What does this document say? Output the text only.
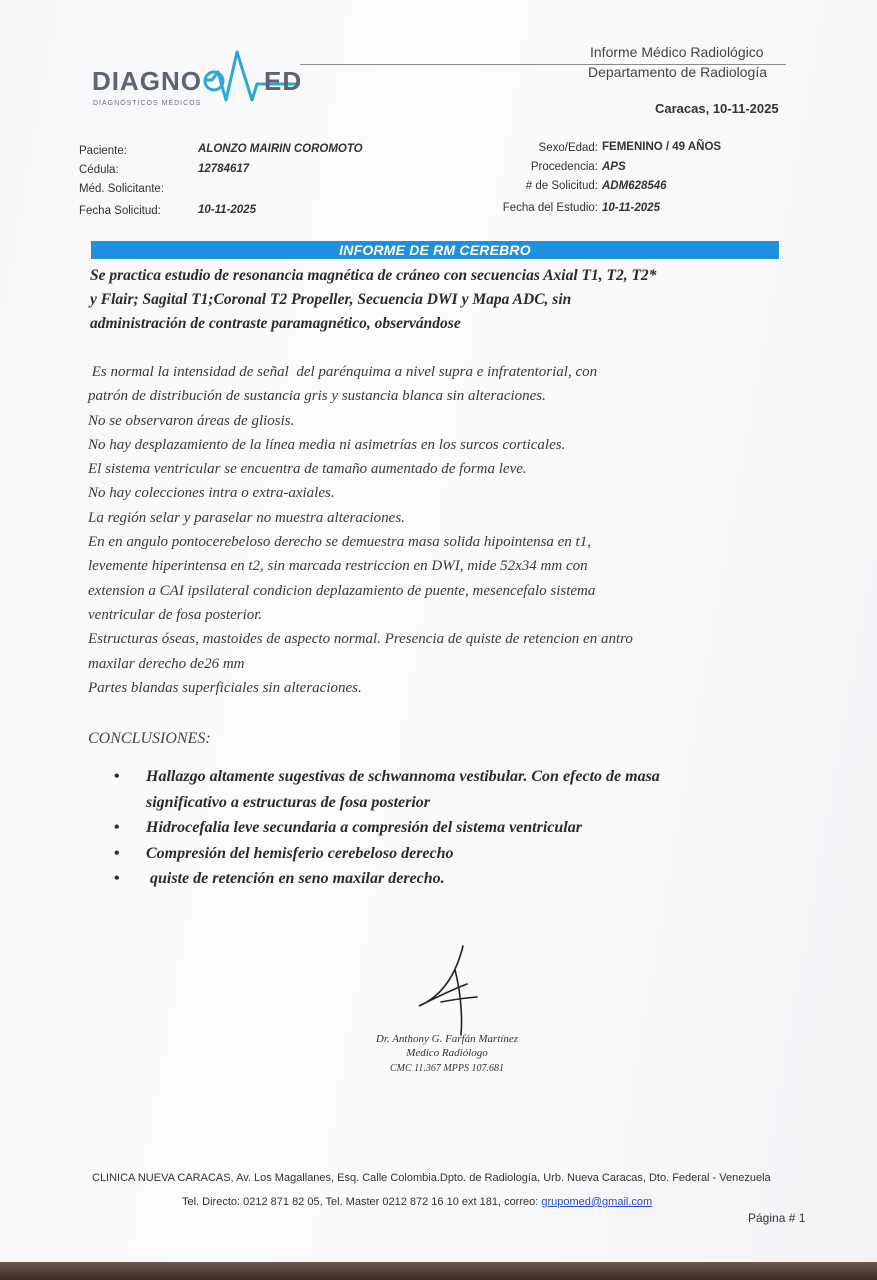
DIAGNO ED
DIAGNÓSTICOS MÉDICOS
Informe Médico Radiológico
Departamento de Radiología
Caracas, 10-11-2025
Paciente:	ALONZO MAIRIN COROMOTO
Cédula:	12784617
Méd. Solicitante:
Fecha Solicitud:	10-11-2025
Sexo/Edad: FEMENINO / 49 AÑOS
Procedencia: APS
# de Solicitud: ADM628546
Fecha del Estudio: 10-11-2025
INFORME DE RM CEREBRO
Se practica estudio de resonancia magnética de cráneo con secuencias Axial T1, T2, T2*
y Flair; Sagital T1;Coronal T2 Propeller, Secuencia DWI y Mapa ADC, sin
administración de contraste paramagnético, observándose

Es normal la intensidad de señal  del parénquima a nivel supra e infratentorial, con

patrón de distribución de sustancia gris y sustancia blanca sin alteraciones.

No se observaron áreas de gliosis.

No hay desplazamiento de la línea media ni asimetrías en los surcos corticales.

El sistema ventricular se encuentra de tamaño aumentado de forma leve.

No hay colecciones intra o extra-axiales.

La región selar y paraselar no muestra alteraciones.

En en angulo pontocerebeloso derecho se demuestra masa solida hipointensa en t1,

levemente hiperintensa en t2, sin marcada restriccion en DWI, mide 52x34 mm con

extension a CAI ipsilateral condicion deplazamiento de puente, mesencefalo sistema

ventricular de fosa posterior.

Estructuras óseas, mastoides de aspecto normal. Presencia de quiste de retencion en antro

maxilar derecho de26 mm

Partes blandas superficiales sin alteraciones.

CONCLUSIONES:
• Hallazgo altamente sugestivas de schwannoma vestibular. Con efecto de masa
significativo a estructuras de fosa posterior
• Hidrocefalia leve secundaria a compresión del sistema ventricular
• Compresión del hemisferio cerebeloso derecho
• quiste de retención en seno maxilar derecho.
Dr. Anthony G. Farfán Martínez
Medico Radiólogo
CMC 11.367 MPPS 107.681
CLINICA NUEVA CARACAS, Av. Los Magallanes, Esq. Calle Colombia.Dpto. de Radiología, Urb. Nueva Caracas, Dto. Federal - Venezuela
Tel. Directo: 0212 871 82 05, Tel. Master 0212 872 16 10 ext 181, correo: grupomed@gmail.com
Página # 1
